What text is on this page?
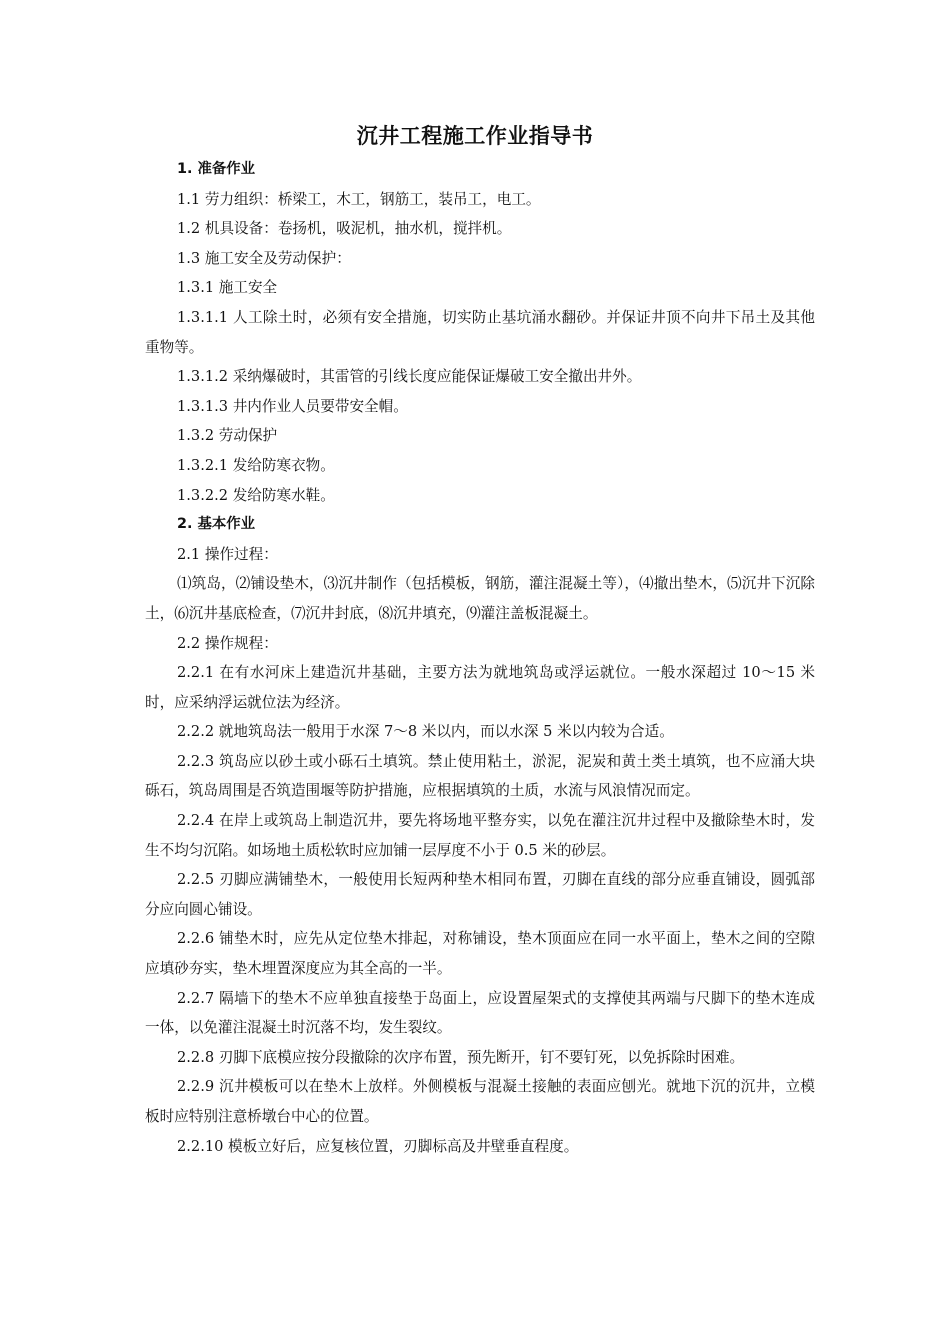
沉井工程施工作业指导书

1. 准备作业

1.1 劳力组织：桥梁工，木工，钢筋工，装吊工，电工。

1.2 机具设备：卷扬机，吸泥机，抽水机，搅拌机。

1.3 施工安全及劳动保护：

1.3.1 施工安全

1.3.1.1 人工除土时，必须有安全措施，切实防止基坑涌水翻砂。并保证井顶不向井下吊土及其他重物等。

1.3.1.2 采纳爆破时，其雷管的引线长度应能保证爆破工安全撤出井外。

1.3.1.3 井内作业人员要带安全帽。

1.3.2 劳动保护

1.3.2.1 发给防寒衣物。

1.3.2.2 发给防寒水鞋。

2. 基本作业

2.1 操作过程：

⑴筑岛，⑵铺设垫木，⑶沉井制作（包括模板，钢筋，灌注混凝土等），⑷撤出垫木，⑸沉井下沉除土，⑹沉井基底检查，⑺沉井封底，⑻沉井填充，⑼灌注盖板混凝土。

2.2 操作规程：

2.2.1 在有水河床上建造沉井基础，主要方法为就地筑岛或浮运就位。一般水深超过 10～15 米时，应采纳浮运就位法为经济。

2.2.2 就地筑岛法一般用于水深 7～8 米以内，而以水深 5 米以内较为合适。

2.2.3 筑岛应以砂土或小砾石土填筑。禁止使用粘土，淤泥，泥炭和黄土类土填筑，也不应涌大块砾石，筑岛周围是否筑造围堰等防护措施，应根据填筑的土质，水流与风浪情况而定。

2.2.4 在岸上或筑岛上制造沉井，要先将场地平整夯实，以免在灌注沉井过程中及撤除垫木时，发生不均匀沉陷。如场地土质松软时应加铺一层厚度不小于 0.5 米的砂层。

2.2.5 刃脚应满铺垫木，一般使用长短两种垫木相同布置，刃脚在直线的部分应垂直铺设，圆弧部分应向圆心铺设。

2.2.6 铺垫木时，应先从定位垫木排起，对称铺设，垫木顶面应在同一水平面上，垫木之间的空隙应填砂夯实，垫木埋置深度应为其全高的一半。

2.2.7 隔墙下的垫木不应单独直接垫于岛面上，应设置屋架式的支撑使其两端与尺脚下的垫木连成一体，以免灌注混凝土时沉落不均，发生裂纹。

2.2.8 刃脚下底模应按分段撤除的次序布置，预先断开，钉不要钉死，以免拆除时困难。

2.2.9 沉井模板可以在垫木上放样。外侧模板与混凝土接触的表面应刨光。就地下沉的沉井，立模板时应特别注意桥墩台中心的位置。

2.2.10 模板立好后，应复核位置，刃脚标高及井壁垂直程度。
